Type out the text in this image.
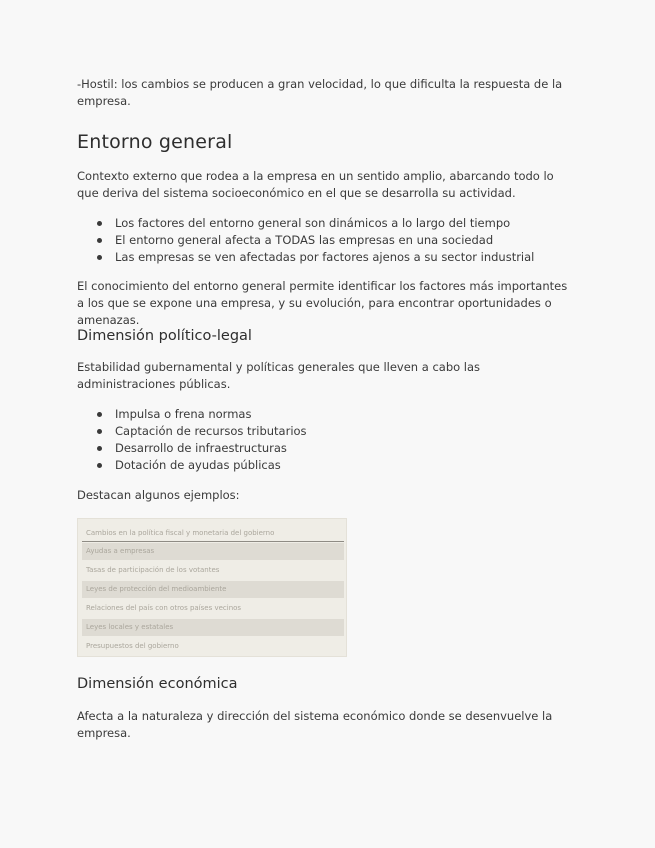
-Hostil: los cambios se producen a gran velocidad, lo que dificulta la respuesta de la empresa.

Entorno general

Contexto externo que rodea a la empresa en un sentido amplio, abarcando todo lo que deriva del sistema socioeconómico en el que se desarrolla su actividad.

Los factores del entorno general son dinámicos a lo largo del tiempo
El entorno general afecta a TODAS las empresas en una sociedad
Las empresas se ven afectadas por factores ajenos a su sector industrial

El conocimiento del entorno general permite identificar los factores más importantes a los que se expone una empresa, y su evolución, para encontrar oportunidades o amenazas.

Dimensión político-legal

Estabilidad gubernamental y políticas generales que lleven a cabo las administraciones públicas.

Impulsa o frena normas
Captación de recursos tributarios
Desarrollo de infraestructuras
Dotación de ayudas públicas

Destacan algunos ejemplos:

Cambios en la política fiscal y monetaria del gobierno
Ayudas a empresas
Tasas de participación de los votantes
Leyes de protección del medioambiente
Relaciones del país con otros países vecinos
Leyes locales y estatales
Presupuestos del gobierno
Dimensión económica

Afecta a la naturaleza y dirección del sistema económico donde se desenvuelve la empresa.
